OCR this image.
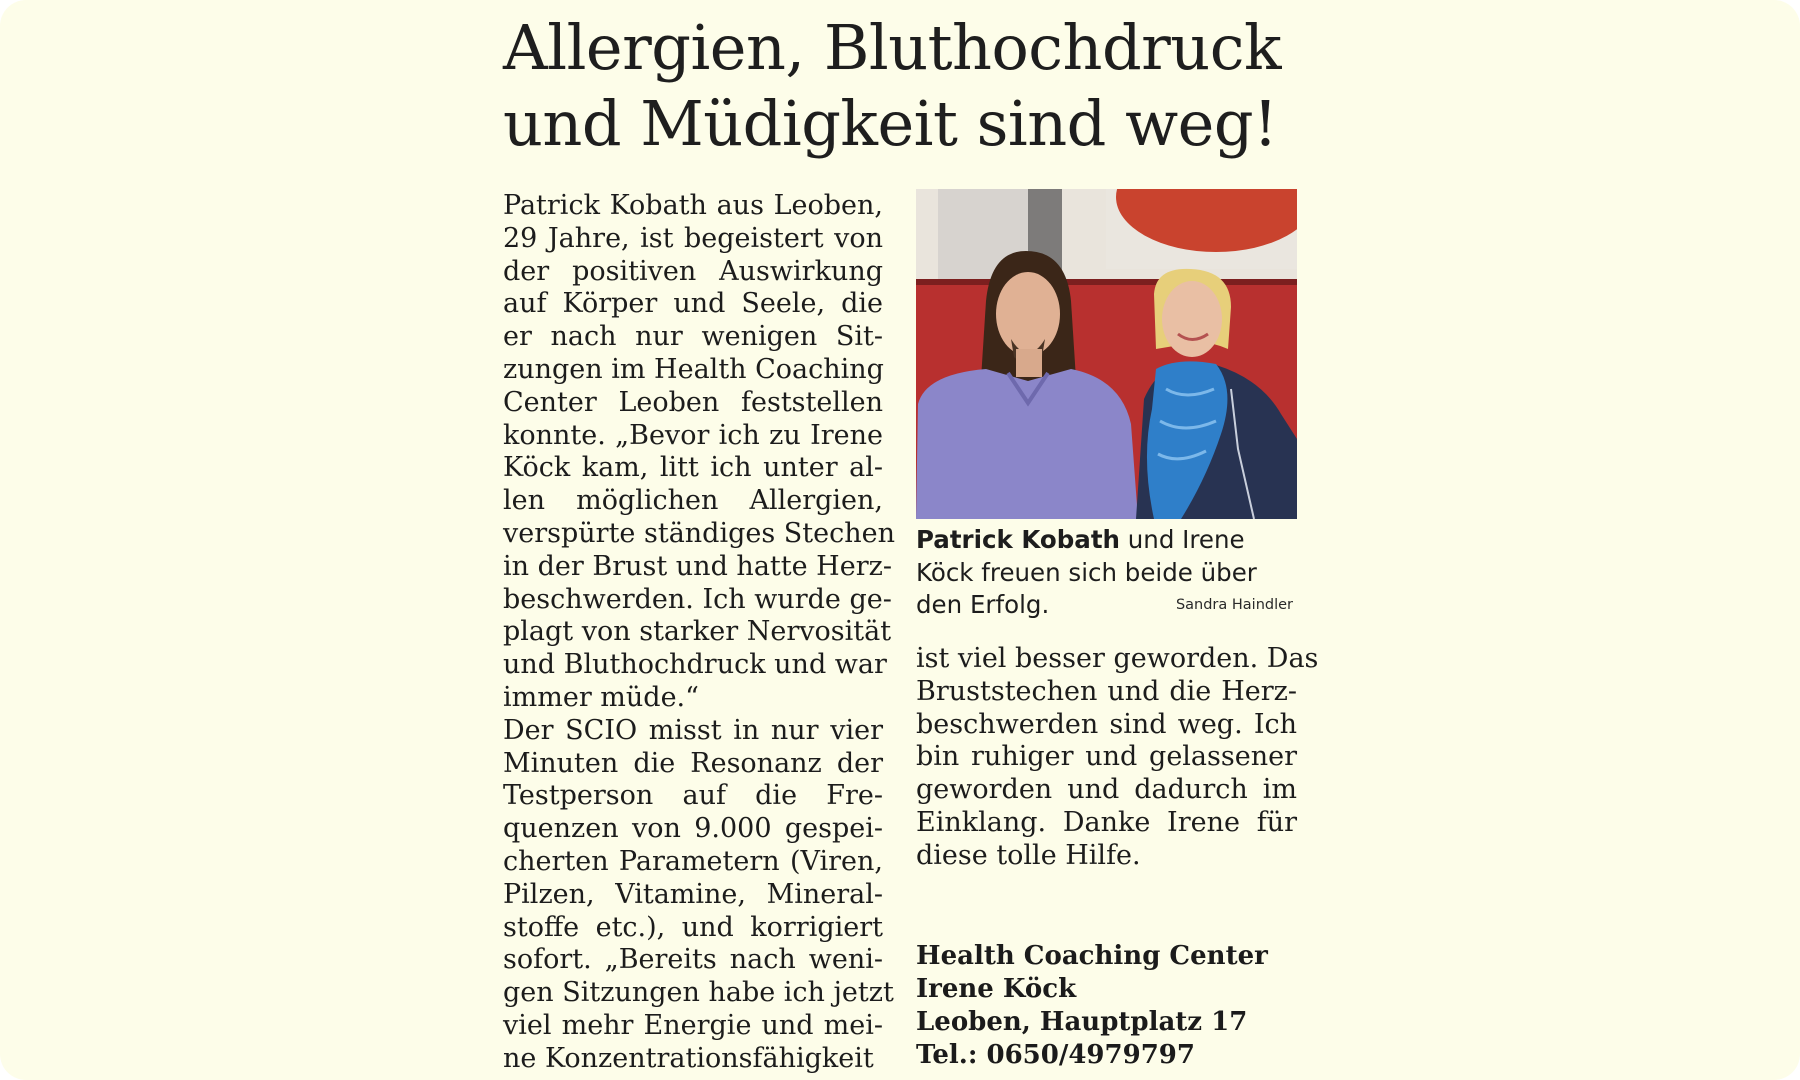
Allergien, Bluthochdruck
und Müdigkeit sind weg!
Patrick Kobath aus Leoben,
29 Jahre, ist begeistert von
der positiven Auswirkung
auf Körper und Seele, die
er nach nur wenigen Sit-
zungen im Health Coaching
Center Leoben feststellen
konnte. „Bevor ich zu Irene
Köck kam, litt ich unter al-
len möglichen Allergien,
verspürte ständiges Stechen
in der Brust und hatte Herz-
beschwerden. Ich wurde ge-
plagt von starker Nervosität
und Bluthochdruck und war
immer müde.“
Der SCIO misst in nur vier
Minuten die Resonanz der
Testperson auf die Fre-
quenzen von 9.000 gespei-
cherten Parametern (Viren,
Pilzen, Vitamine, Mineral-
stoffe etc.), und korrigiert
sofort. „Bereits nach weni-
gen Sitzungen habe ich jetzt
viel mehr Energie und mei-
ne Konzentrationsfähigkeit
Patrick Kobath und Irene
Köck freuen sich beide über
den Erfolg.	Sandra Haindler
ist viel besser geworden. Das
Bruststechen und die Herz-
beschwerden sind weg. Ich
bin ruhiger und gelassener
geworden und dadurch im
Einklang. Danke Irene für
diese tolle Hilfe.
Health Coaching Center
Irene Köck
Leoben, Hauptplatz 17
Tel.: 0650/4979797
